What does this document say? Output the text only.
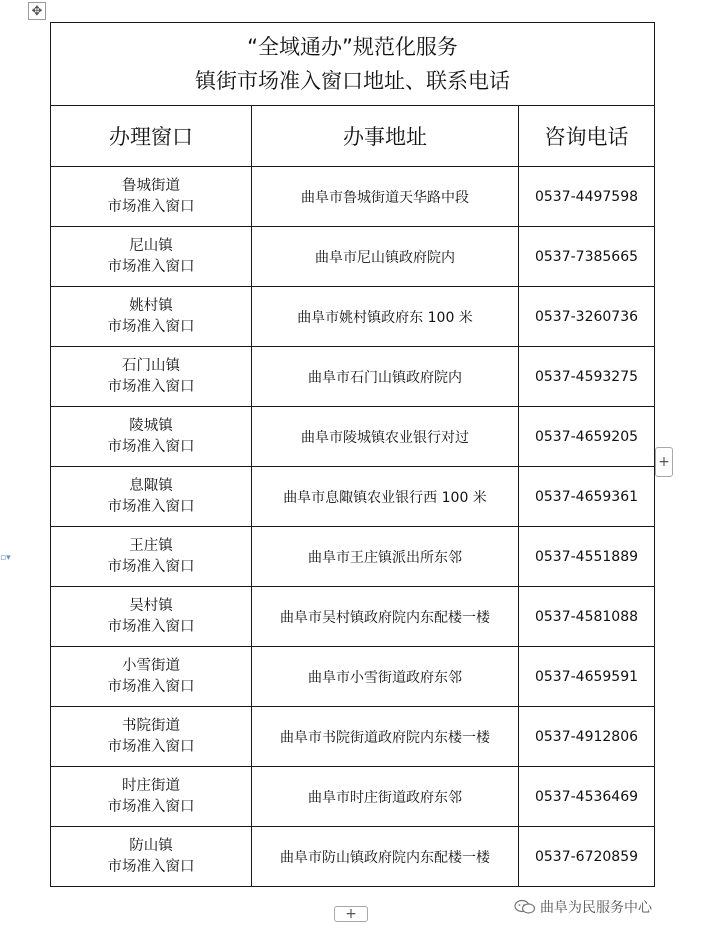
✥
▫▾
“全域通办”规范化服务
镇街市场准入窗口地址、联系电话		

办理窗口	办事地址	咨询电话

鲁城街道
市场准入窗口	曲阜市鲁城街道天华路中段	0537-4497598

尼山镇
市场准入窗口	曲阜市尼山镇政府院内	0537-7385665

姚村镇
市场准入窗口	曲阜市姚村镇政府东 100 米	0537-3260736

石门山镇
市场准入窗口	曲阜市石门山镇政府院内	0537-4593275

陵城镇
市场准入窗口	曲阜市陵城镇农业银行对过	0537-4659205

息陬镇
市场准入窗口	曲阜市息陬镇农业银行西 100 米	0537-4659361

王庄镇
市场准入窗口	曲阜市王庄镇派出所东邻	0537-4551889

吴村镇
市场准入窗口	曲阜市吴村镇政府院内东配楼一楼	0537-4581088

小雪街道
市场准入窗口	曲阜市小雪街道政府东邻	0537-4659591

书院街道
市场准入窗口	曲阜市书院街道政府院内东楼一楼	0537-4912806

时庄街道
市场准入窗口	曲阜市时庄街道政府东邻	0537-4536469

防山镇
市场准入窗口	曲阜市防山镇政府院内东配楼一楼	0537-6720859
+
+	曲阜为民服务中心
